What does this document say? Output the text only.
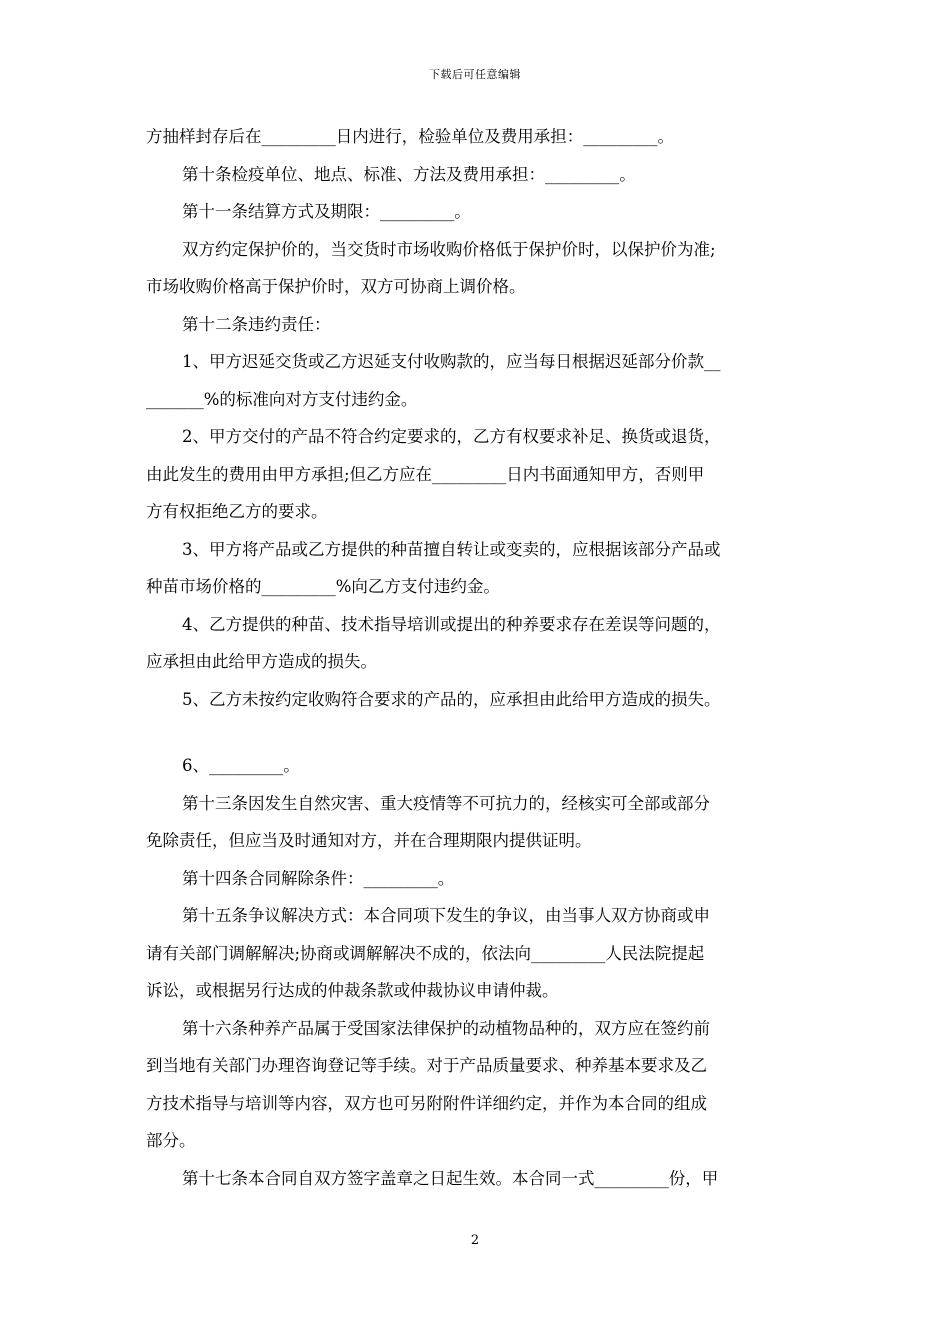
下载后可任意编辑
方抽样封存后在_________日内进行，检验单位及费用承担：_________。
第十条检疫单位、地点、标准、方法及费用承担：_________。
第十一条结算方式及期限：_________。
双方约定保护价的，当交货时市场收购价格低于保护价时，以保护价为准;
市场收购价格高于保护价时，双方可协商上调价格。
第十二条违约责任：
1、甲方迟延交货或乙方迟延支付收购款的，应当每日根据迟延部分价款__
_______%的标准向对方支付违约金。
2、甲方交付的产品不符合约定要求的，乙方有权要求补足、换货或退货，
由此发生的费用由甲方承担;但乙方应在_________日内书面通知甲方，否则甲
方有权拒绝乙方的要求。
3、甲方将产品或乙方提供的种苗擅自转让或变卖的，应根据该部分产品或
种苗市场价格的_________%向乙方支付违约金。
4、乙方提供的种苗、技术指导培训或提出的种养要求存在差误等问题的，
应承担由此给甲方造成的损失。
5、乙方未按约定收购符合要求的产品的，应承担由此给甲方造成的损失。
6、_________。
第十三条因发生自然灾害、重大疫情等不可抗力的，经核实可全部或部分
免除责任，但应当及时通知对方，并在合理期限内提供证明。
第十四条合同解除条件：_________。
第十五条争议解决方式：本合同项下发生的争议，由当事人双方协商或申
请有关部门调解解决;协商或调解解决不成的，依法向_________人民法院提起
诉讼，或根据另行达成的仲裁条款或仲裁协议申请仲裁。
第十六条种养产品属于受国家法律保护的动植物品种的，双方应在签约前
到当地有关部门办理咨询登记等手续。对于产品质量要求、种养基本要求及乙
方技术指导与培训等内容，双方也可另附附件详细约定，并作为本合同的组成
部分。
第十七条本合同自双方签字盖章之日起生效。本合同一式_________份，甲
2
